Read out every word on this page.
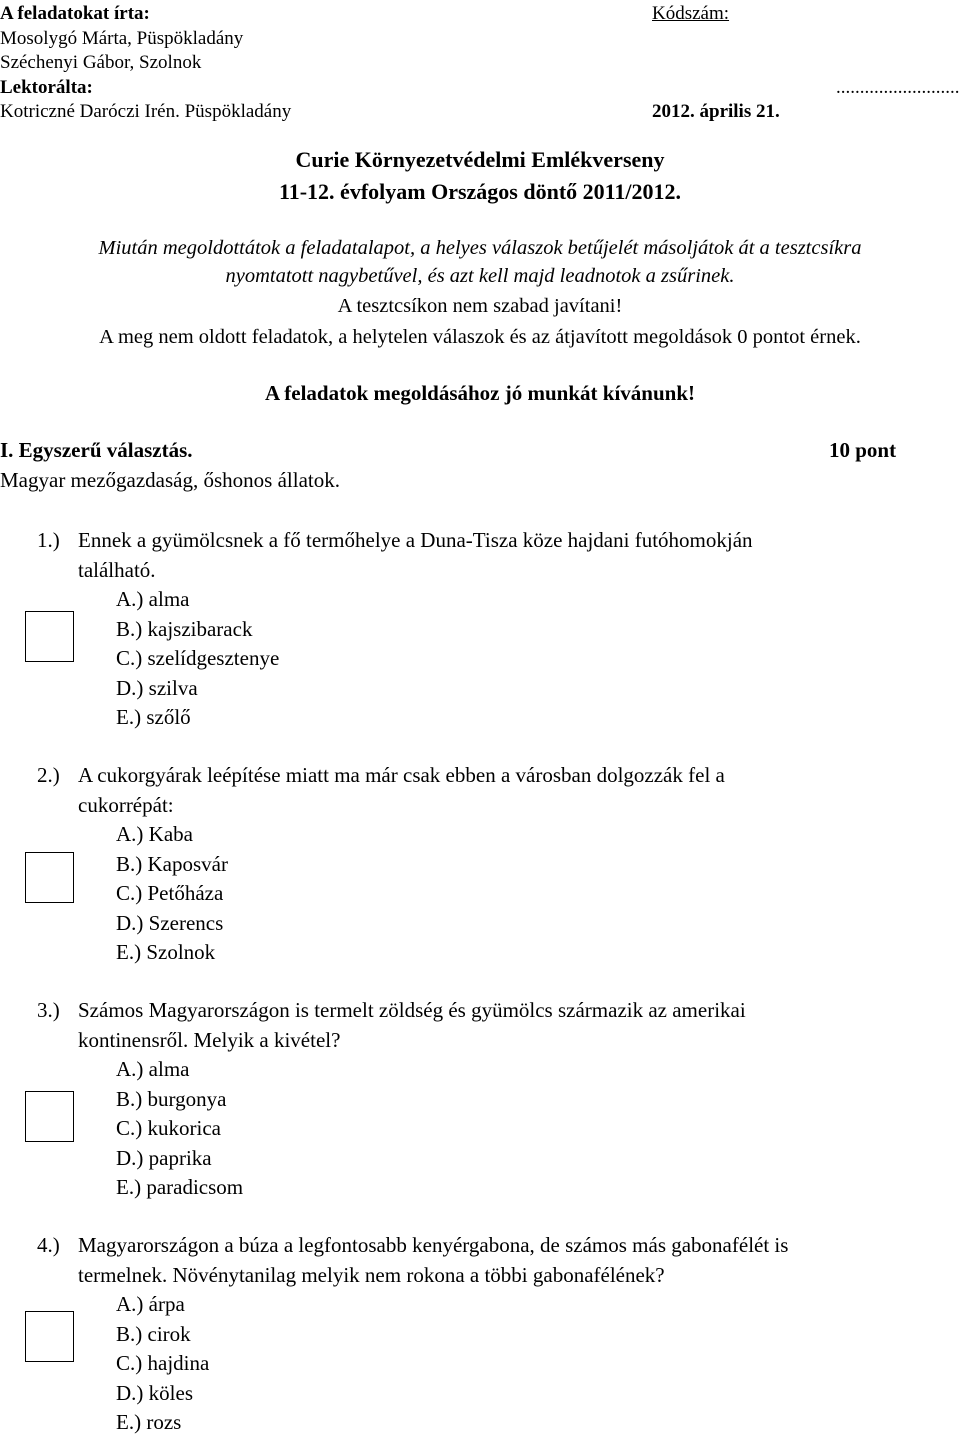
A feladatokat írta:	Kódszám:
Mosolygó Márta, Püspökladány
Széchenyi Gábor, Szolnok
Lektorálta:	..........................
Kotriczné Daróczi Irén. Püspökladány	2012. április 21.
Curie Környezetvédelmi Emlékverseny
11-12. évfolyam Országos döntő 2011/2012.
Miután megoldottátok a feladatalapot, a helyes válaszok betűjelét másoljátok át a tesztcsíkra
nyomtatott nagybetűvel, és azt kell majd leadnotok a zsűrinek.
A tesztcsíkon nem szabad javítani!
A meg nem oldott feladatok, a helytelen válaszok és az átjavított megoldások 0 pontot érnek.
A feladatok megoldásához jó munkát kívánunk!
I. Egyszerű választás.	10 pont
Magyar mezőgazdaság, őshonos állatok.
1.) Ennek a gyümölcsnek a fő termőhelye a Duna-Tisza köze hajdani futóhomokján
található.
A.) alma
B.) kajszibarack
C.) szelídgesztenye
D.) szilva
E.) szőlő
2.) A cukorgyárak leépítése miatt ma már csak ebben a városban dolgozzák fel a
cukorrépát:
A.) Kaba
B.) Kaposvár
C.) Petőháza
D.) Szerencs
E.) Szolnok
3.) Számos Magyarországon is termelt zöldség és gyümölcs származik az amerikai
kontinensről. Melyik a kivétel?
A.) alma
B.) burgonya
C.) kukorica
D.) paprika
E.) paradicsom
4.) Magyarországon a búza a legfontosabb kenyérgabona, de számos más gabonafélét is
termelnek. Növénytanilag melyik nem rokona a többi gabonafélének?
A.) árpa
B.) cirok
C.) hajdina
D.) köles
E.) rozs
